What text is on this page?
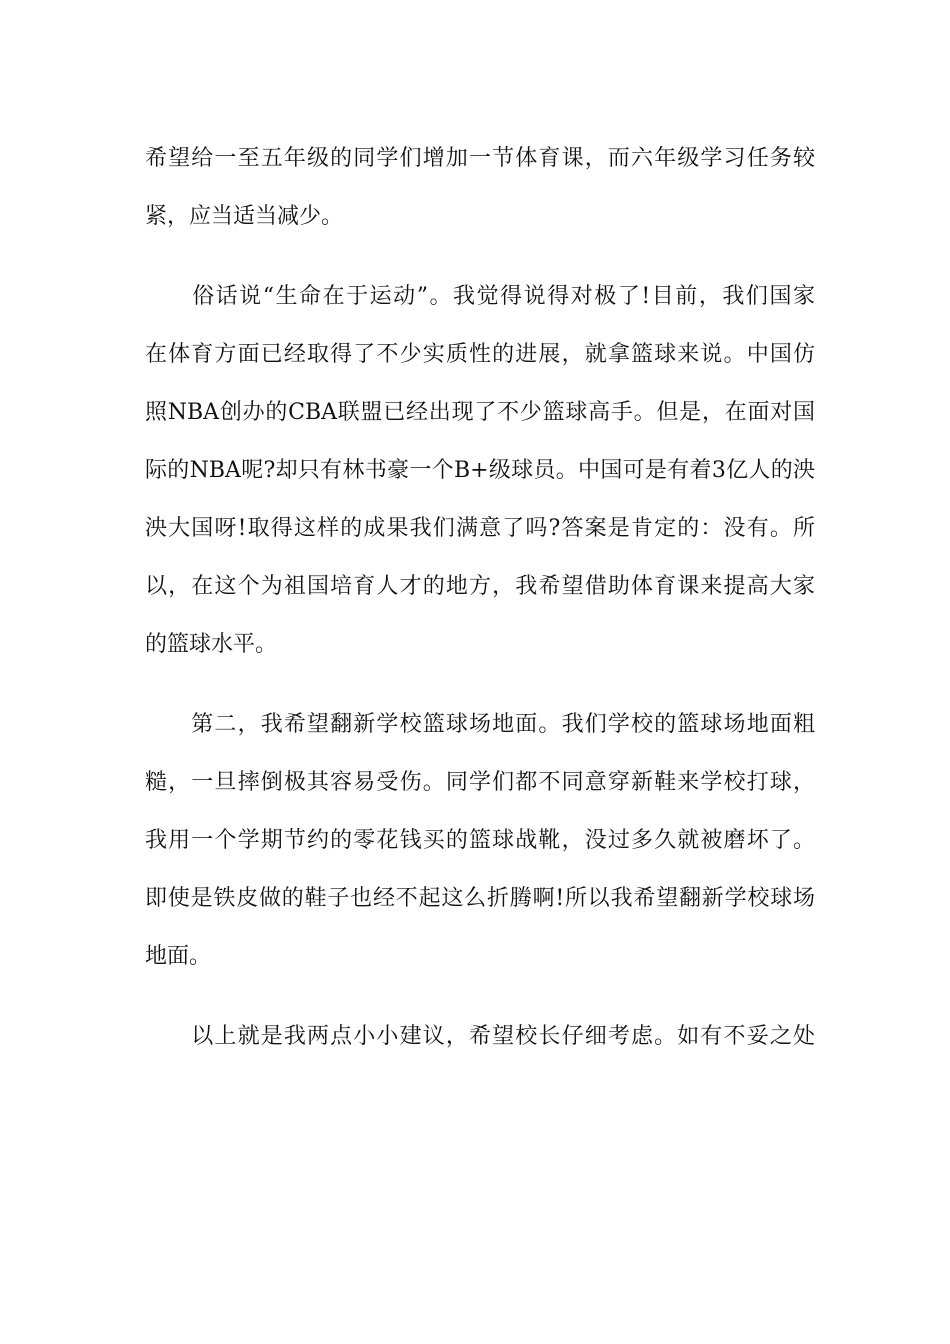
希望给一至五年级的同学们增加一节体育课，而六年级学习任务较
紧，应当适当减少。
　　俗话说“生命在于运动”。我觉得说得对极了!目前，我们国家
在体育方面已经取得了不少实质性的进展，就拿篮球来说。中国仿
照NBA创办的CBA联盟已经出现了不少篮球高手。但是，在面对国
际的NBA呢?却只有林书豪一个B+级球员。中国可是有着3亿人的泱
泱大国呀!取得这样的成果我们满意了吗?答案是肯定的：没有。所
以，在这个为祖国培育人才的地方，我希望借助体育课来提高大家
的篮球水平。
　　第二，我希望翻新学校篮球场地面。我们学校的篮球场地面粗
糙，一旦摔倒极其容易受伤。同学们都不同意穿新鞋来学校打球，
我用一个学期节约的零花钱买的篮球战靴，没过多久就被磨坏了。
即使是铁皮做的鞋子也经不起这么折腾啊!所以我希望翻新学校球场
地面。
　　以上就是我两点小小建议，希望校长仔细考虑。如有不妥之处
